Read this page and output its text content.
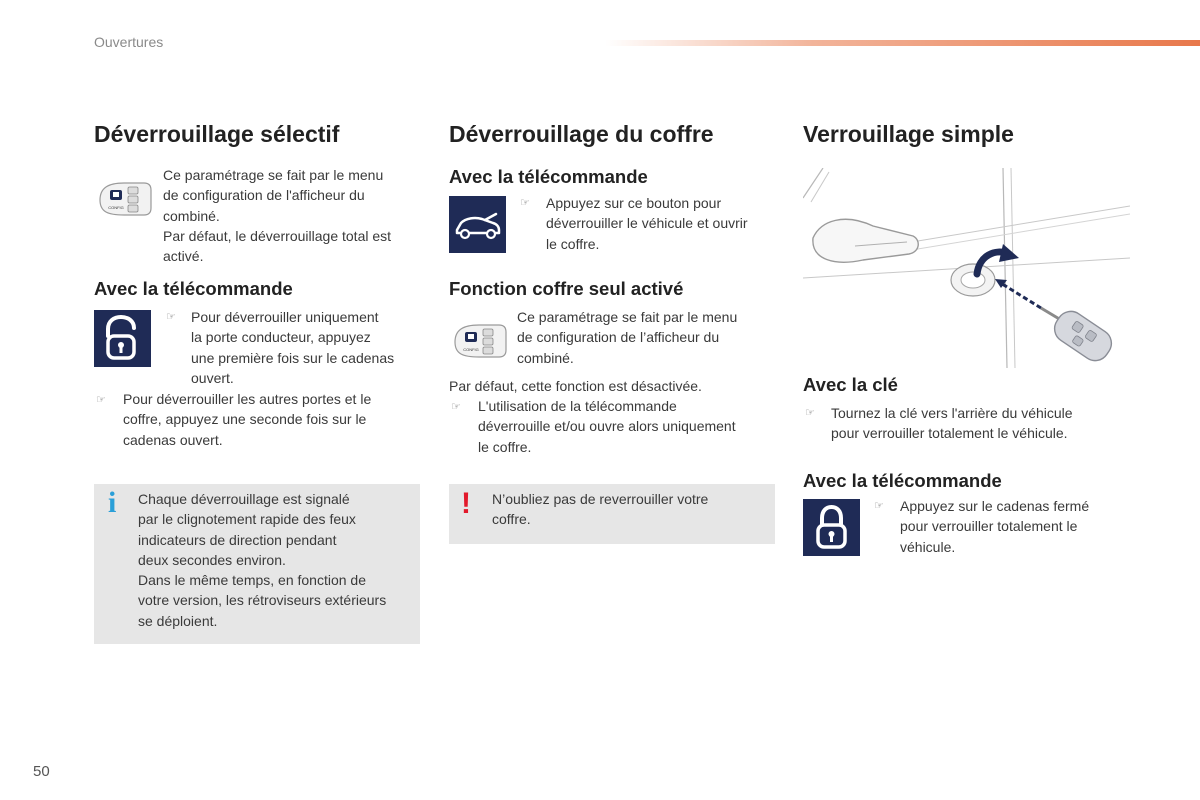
Ouvertures
Déverrouillage sélectif
CONFIG
Ce paramétrage se fait par le menu
de configuration de l'afficheur du
combiné.
Par défaut, le déverrouillage total est
activé.
Avec la télécommande
☞ Pour déverrouiller uniquement
la porte conducteur, appuyez
une première fois sur le cadenas
ouvert.
☞ Pour déverrouiller les autres portes et le
coffre, appuyez une seconde fois sur le
cadenas ouvert.
i Chaque déverrouillage est signalé
par le clignotement rapide des feux
indicateurs de direction pendant
deux secondes environ.
Dans le même temps, en fonction de
votre version, les rétroviseurs extérieurs
se déploient.
Déverrouillage du coffre
Avec la télécommande
☞ Appuyez sur ce bouton pour
déverrouiller le véhicule et ouvrir
le coffre.
Fonction coffre seul activé
CONFIG
Ce paramétrage se fait par le menu
de configuration de l’afficheur du
combiné.
Par défaut, cette fonction est désactivée.
☞ L'utilisation de la télécommande
déverrouille et/ou ouvre alors uniquement
le coffre.
! N’oubliez pas de reverrouiller votre
coffre.
Verrouillage simple
Avec la clé
☞ Tournez la clé vers l'arrière du véhicule
pour verrouiller totalement le véhicule.
Avec la télécommande
☞ Appuyez sur le cadenas fermé
pour verrouiller totalement le
véhicule.
50
